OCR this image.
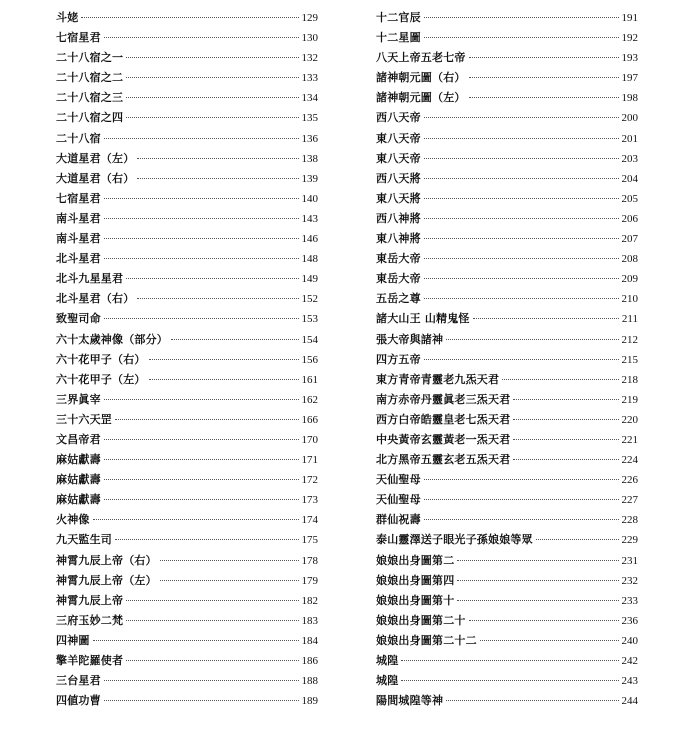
斗姥	129
七宿星君	130
二十八宿之一	132
二十八宿之二	133
二十八宿之三	134
二十八宿之四	135
二十八宿	136
大道星君（左）	138
大道星君（右）	139
七宿星君	140
南斗星君	143
南斗星君	146
北斗星君	148
北斗九星星君	149
北斗星君（右）	152
致聖司命	153
六十太歲神像（部分）	154
六十花甲子（右）	156
六十花甲子（左）	161
三界眞宰	162
三十六天罡	166
文昌帝君	170
麻姑獻壽	171
麻姑獻壽	172
麻姑獻壽	173
火神像	174
九天監生司	175
神霄九辰上帝（右）	178
神霄九辰上帝（左）	179
神霄九辰上帝	182
三府玉妙二梵	183
四神圖	184
擎羊陀羅使者	186
三台星君	188
四値功曹	189
十二官辰	191
十二星圖	192
八天上帝五老七帝	193
諸神朝元圖（右）	197
諸神朝元圖（左）	198
西八天帝	200
東八天帝	201
東八天帝	203
西八天將	204
東八天將	205
西八神將	206
東八神將	207
東岳大帝	208
東岳大帝	209
五岳之尊	210
諸大山王 山精鬼怪	211
張大帝與諸神	212
四方五帝	215
東方青帝青靈老九炁天君	218
南方赤帝丹靈眞老三炁天君	219
西方白帝皓靈皇老七炁天君	220
中央黃帝玄靈黃老一炁天君	221
北方黑帝五靈玄老五炁天君	224
天仙聖母	226
天仙聖母	227
群仙祝壽	228
泰山靈澤送子眼光子孫娘娘等眾	229
娘娘出身圖第二	231
娘娘出身圖第四	232
娘娘出身圖第十	233
娘娘出身圖第二十	236
娘娘出身圖第二十二	240
城隍	242
城隍	243
陽間城隍等神	244
